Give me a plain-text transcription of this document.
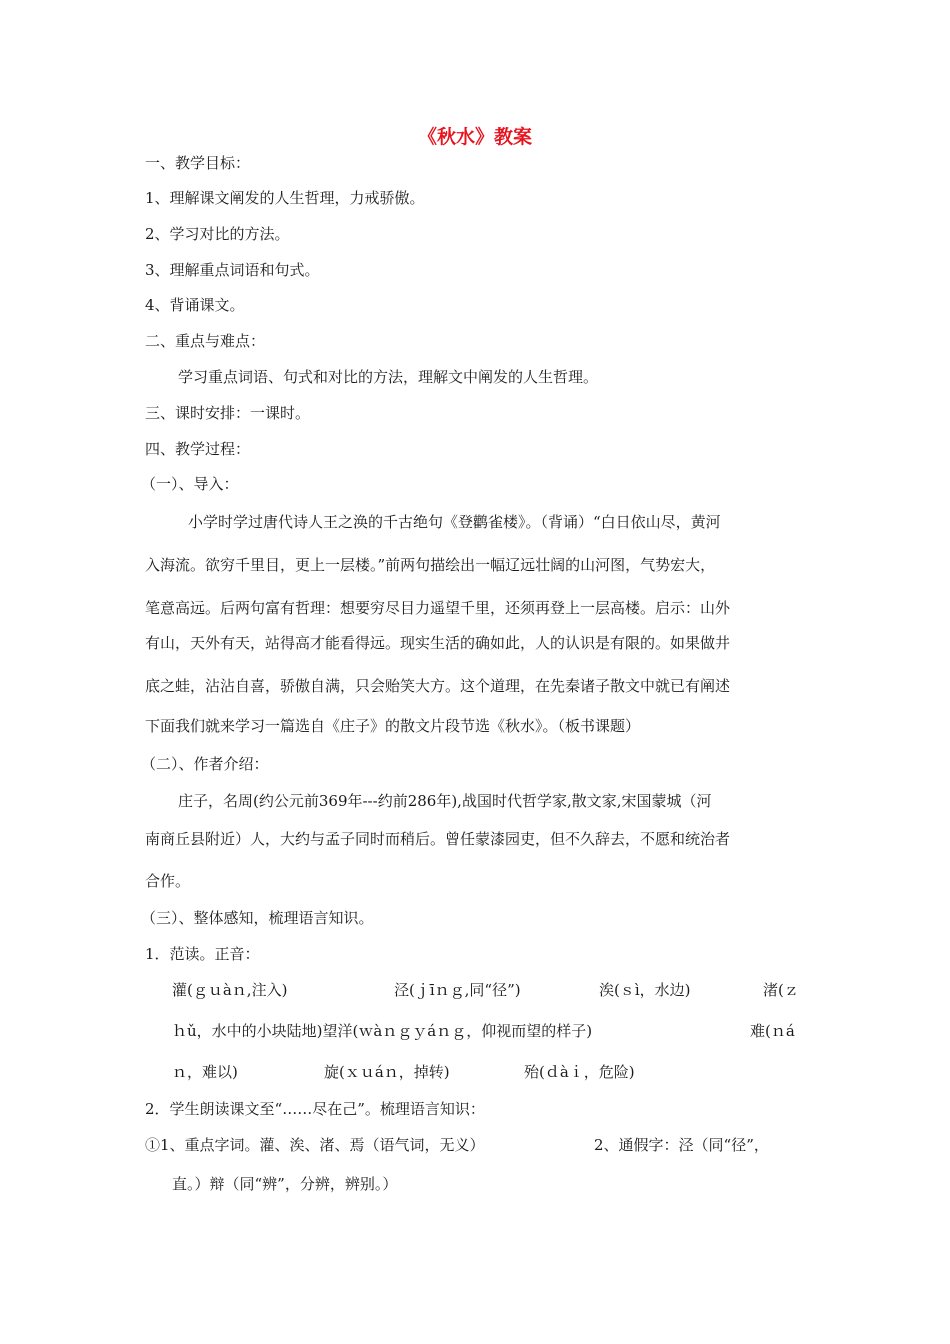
《秋水》教案
一、教学目标：
1、理解课文阐发的人生哲理，力戒骄傲。
2、学习对比的方法。
3、理解重点词语和句式。
4、背诵课文。
二、重点与难点：
学习重点词语、句式和对比的方法，理解文中阐发的人生哲理。
三、课时安排：一课时。
四、教学过程：
（一）、导入：
小学时学过唐代诗人王之涣的千古绝句《登鹳雀楼》。（背诵）“白日依山尽，黄河
入海流。欲穷千里目，更上一层楼。”前两句描绘出一幅辽远壮阔的山河图，气势宏大，
笔意高远。后两句富有哲理：想要穷尽目力遥望千里，还须再登上一层高楼。启示：山外
有山，天外有天，站得高才能看得远。现实生活的确如此，人的认识是有限的。如果做井
底之蛙，沾沾自喜，骄傲自满，只会贻笑大方。这个道理，在先秦诸子散文中就已有阐述
下面我们就来学习一篇选自《庄子》的散文片段节选《秋水》。（板书课题）
（二）、作者介绍：
庄子，名周(约公元前369年---约前286年),战国时代哲学家,散文家,宋国蒙城（河
南商丘县附近）人，大约与孟子同时而稍后。曾任蒙漆园吏，但不久辞去，不愿和统治者
合作。
（三）、整体感知，梳理语言知识。
1．范读。正音：
灌(ｇｕàｎ,注入)	泾(ｊīｎｇ,同“径”)	涘(ｓì，水边)	渚(ｚ
ｈǔ，水中的小块陆地)望洋(ｗàｎｇｙáｎｇ，仰视而望的样子)	难(ｎá
ｎ，难以)	旋(ｘｕáｎ，掉转)	殆(ｄàｉ，危险)
2．学生朗读课文至“……尽在己”。梳理语言知识：
①1、重点字词。灌、涘、渚、焉（语气词，无义）	2、通假字：泾（同“径”，
直。）辩（同“辨”，分辨，辨别。）
